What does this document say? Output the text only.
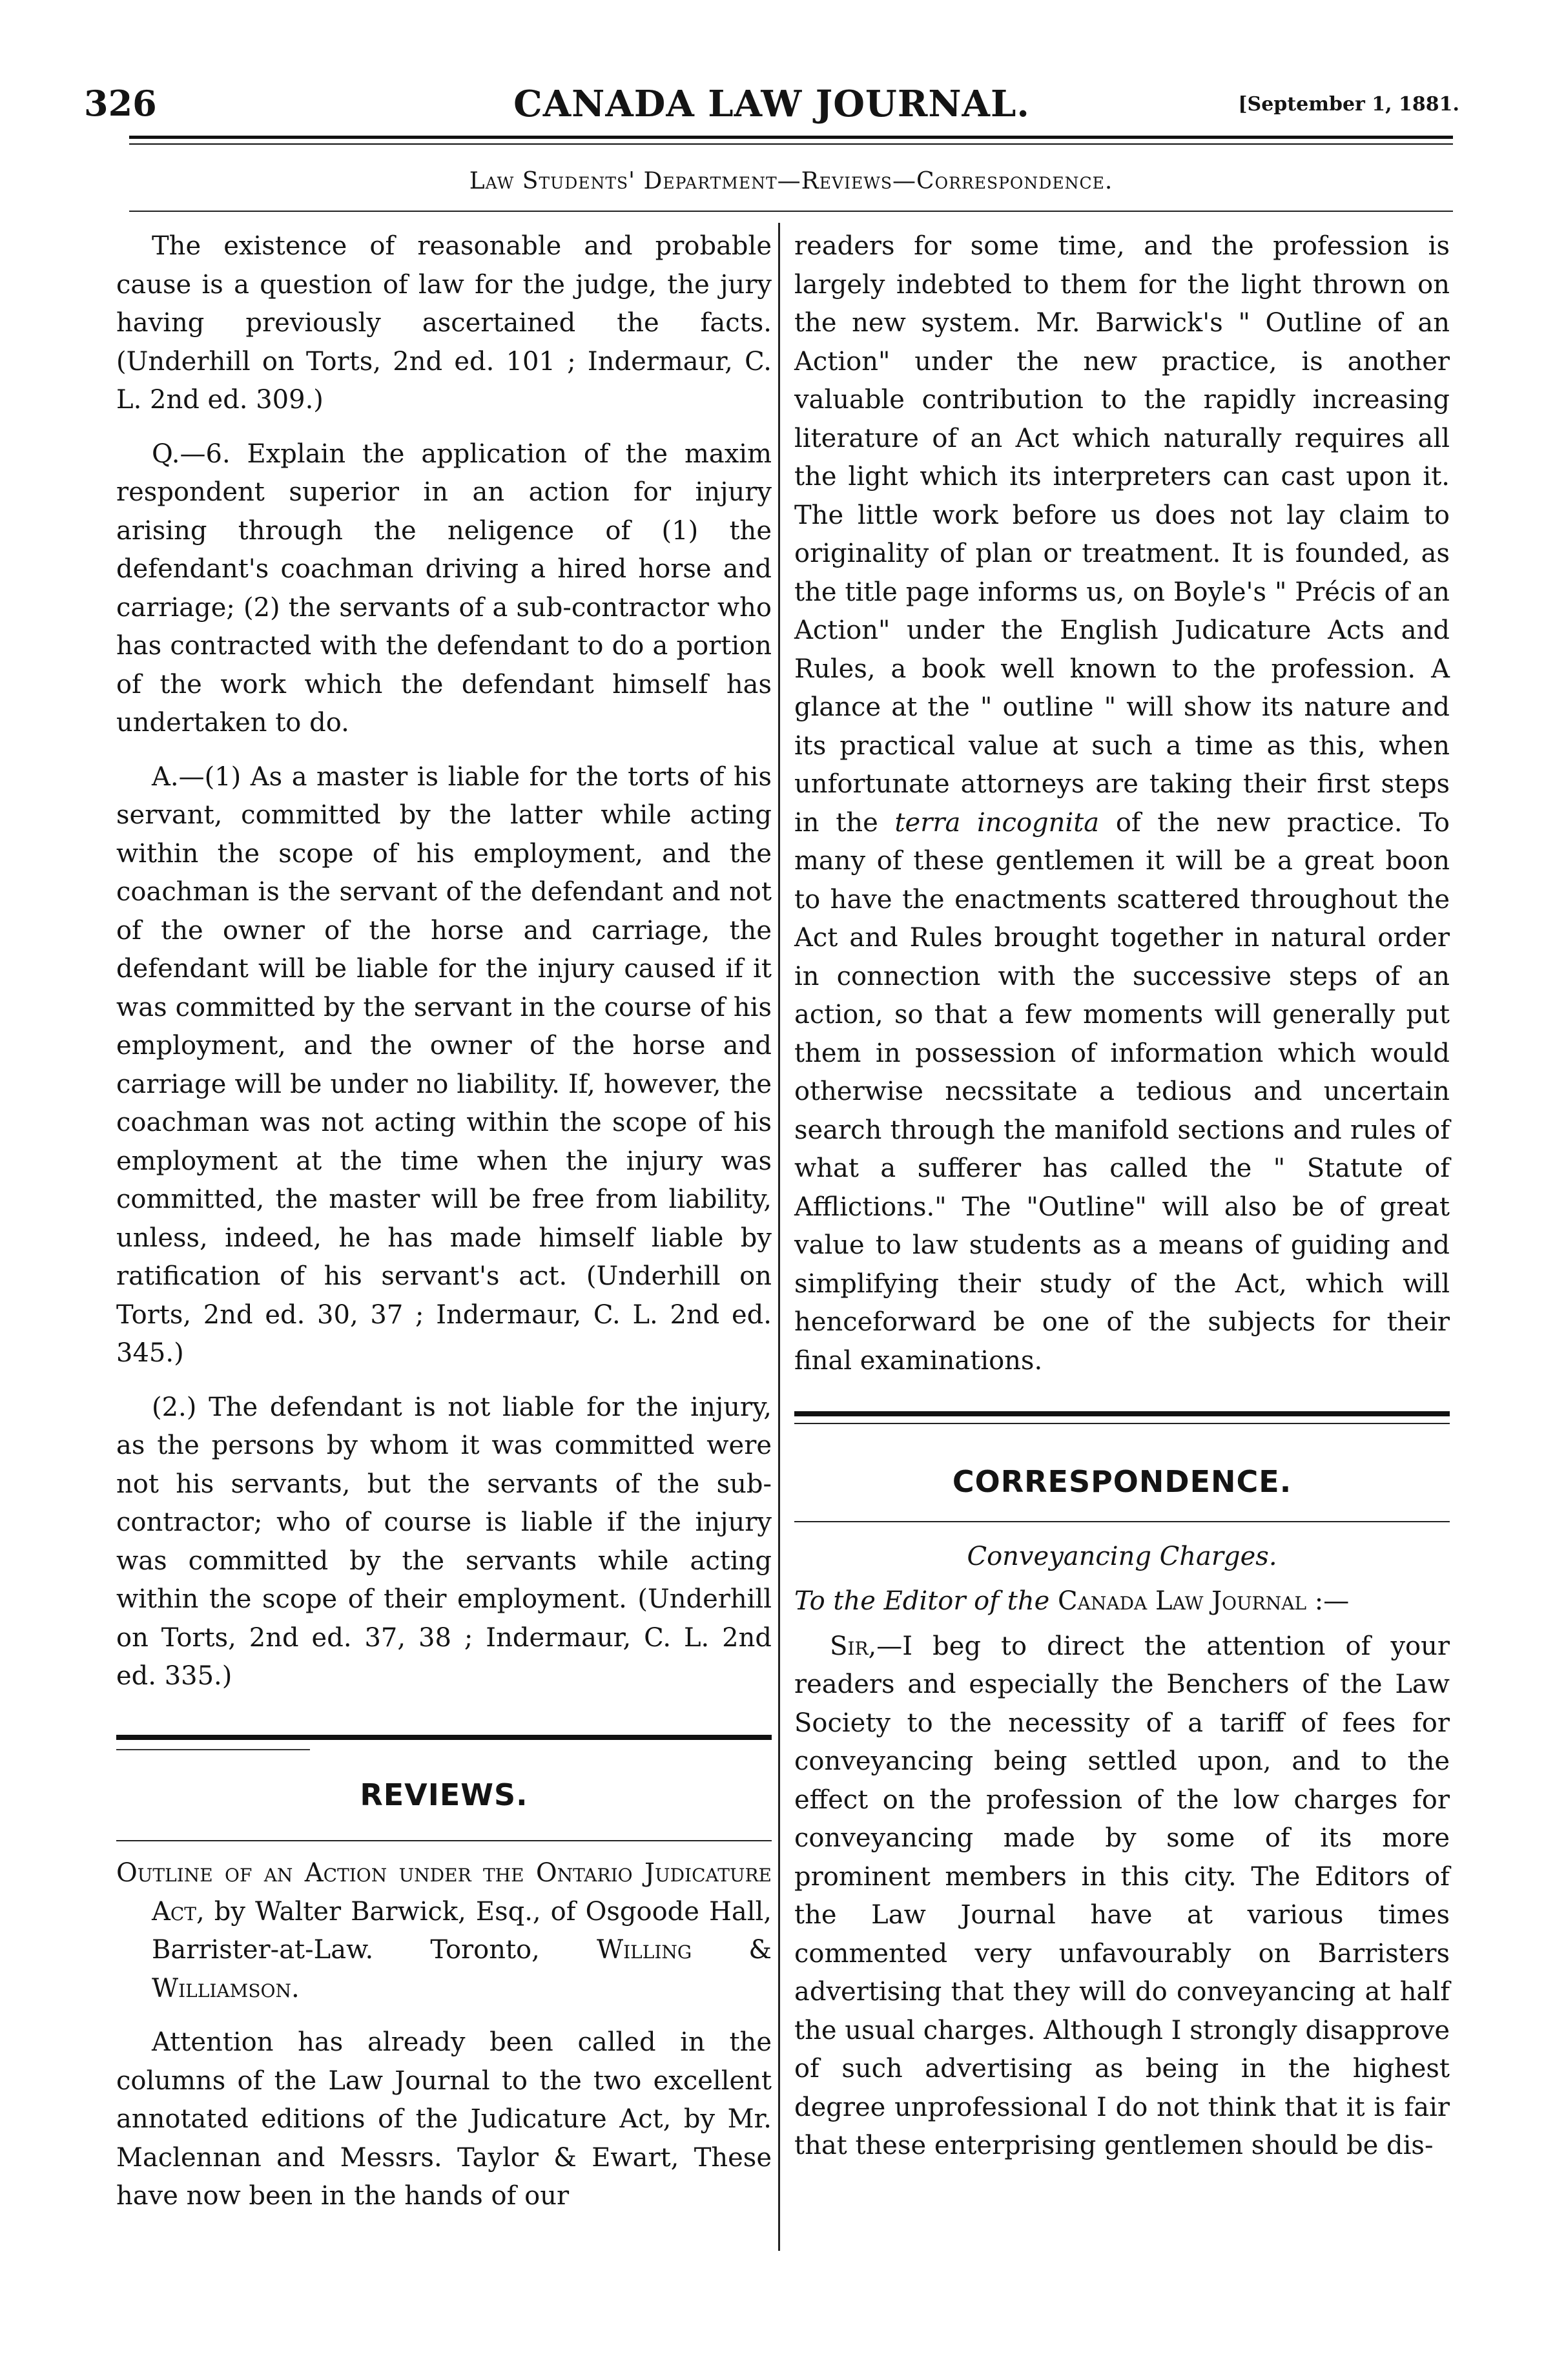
326	CANADA LAW JOURNAL.	[September 1, 1881.
Law Students' Department—Reviews—Correspondence.

The existence of reasonable and probable cause is a question of law for the judge, the jury having previously ascertained the facts. (Underhill on Torts, 2nd ed. 101 ; Indermaur, C. L. 2nd ed. 309.)

Q.—6. Explain the application of the maxim respondent superior in an action for injury arising through the neligence of (1) the defendant's coachman driving a hired horse and carriage; (2) the servants of a sub-contractor who has contracted with the defendant to do a portion of the work which the defendant himself has undertaken to do.

A.—(1) As a master is liable for the torts of his servant, committed by the latter while acting within the scope of his employment, and the coachman is the servant of the defendant and not of the owner of the horse and carriage, the defendant will be liable for the injury caused if it was committed by the servant in the course of his employment, and the owner of the horse and carriage will be under no liability. If, however, the coachman was not acting within the scope of his employment at the time when the injury was committed, the master will be free from liability, unless, indeed, he has made himself liable by ratification of his servant's act. (Underhill on Torts, 2nd ed. 30, 37 ; Indermaur, C. L. 2nd ed. 345.)

(2.) The defendant is not liable for the injury, as the persons by whom it was committed were not his servants, but the servants of the sub-contractor; who of course is liable if the injury was committed by the servants while acting within the scope of their employment. (Underhill on Torts, 2nd ed. 37, 38 ; Indermaur, C. L. 2nd ed. 335.)

REVIEWS.

Outline of an Action under the Ontario Judicature Act, by Walter Barwick, Esq., of Osgoode Hall, Barrister-at-Law. Toronto, Willing & Williamson.

Attention has already been called in the columns of the Law Journal to the two excellent annotated editions of the Judicature Act, by Mr. Maclennan and Messrs. Taylor & Ewart, These have now been in the hands of our

readers for some time, and the profession is largely indebted to them for the light thrown on the new system. Mr. Barwick's " Outline of an Action" under the new practice, is another valuable contribution to the rapidly increasing literature of an Act which naturally requires all the light which its interpreters can cast upon it. The little work before us does not lay claim to originality of plan or treatment. It is founded, as the title page informs us, on Boyle's " Précis of an Action" under the English Judicature Acts and Rules, a book well known to the profession. A glance at the " outline " will show its nature and its practical value at such a time as this, when unfortunate attorneys are taking their first steps in the terra incognita of the new practice. To many of these gentlemen it will be a great boon to have the enactments scattered throughout the Act and Rules brought together in natural order in connection with the successive steps of an action, so that a few moments will generally put them in possession of information which would otherwise necssitate a tedious and uncertain search through the manifold sections and rules of what a sufferer has called the " Statute of Afflictions." The "Outline" will also be of great value to law students as a means of guiding and simplifying their study of the Act, which will henceforward be one of the subjects for their final examinations.

CORRESPONDENCE.

Conveyancing Charges.

To the Editor of the Canada Law Journal :—

Sir,—I beg to direct the attention of your readers and especially the Benchers of the Law Society to the necessity of a tariff of fees for conveyancing being settled upon, and to the effect on the profession of the low charges for conveyancing made by some of its more prominent members in this city. The Editors of the Law Journal have at various times commented very unfavourably on Barristers advertising that they will do conveyancing at half the usual charges. Although I strongly disapprove of such advertising as being in the highest degree unprofessional I do not think that it is fair that these enterprising gentlemen should be dis-
